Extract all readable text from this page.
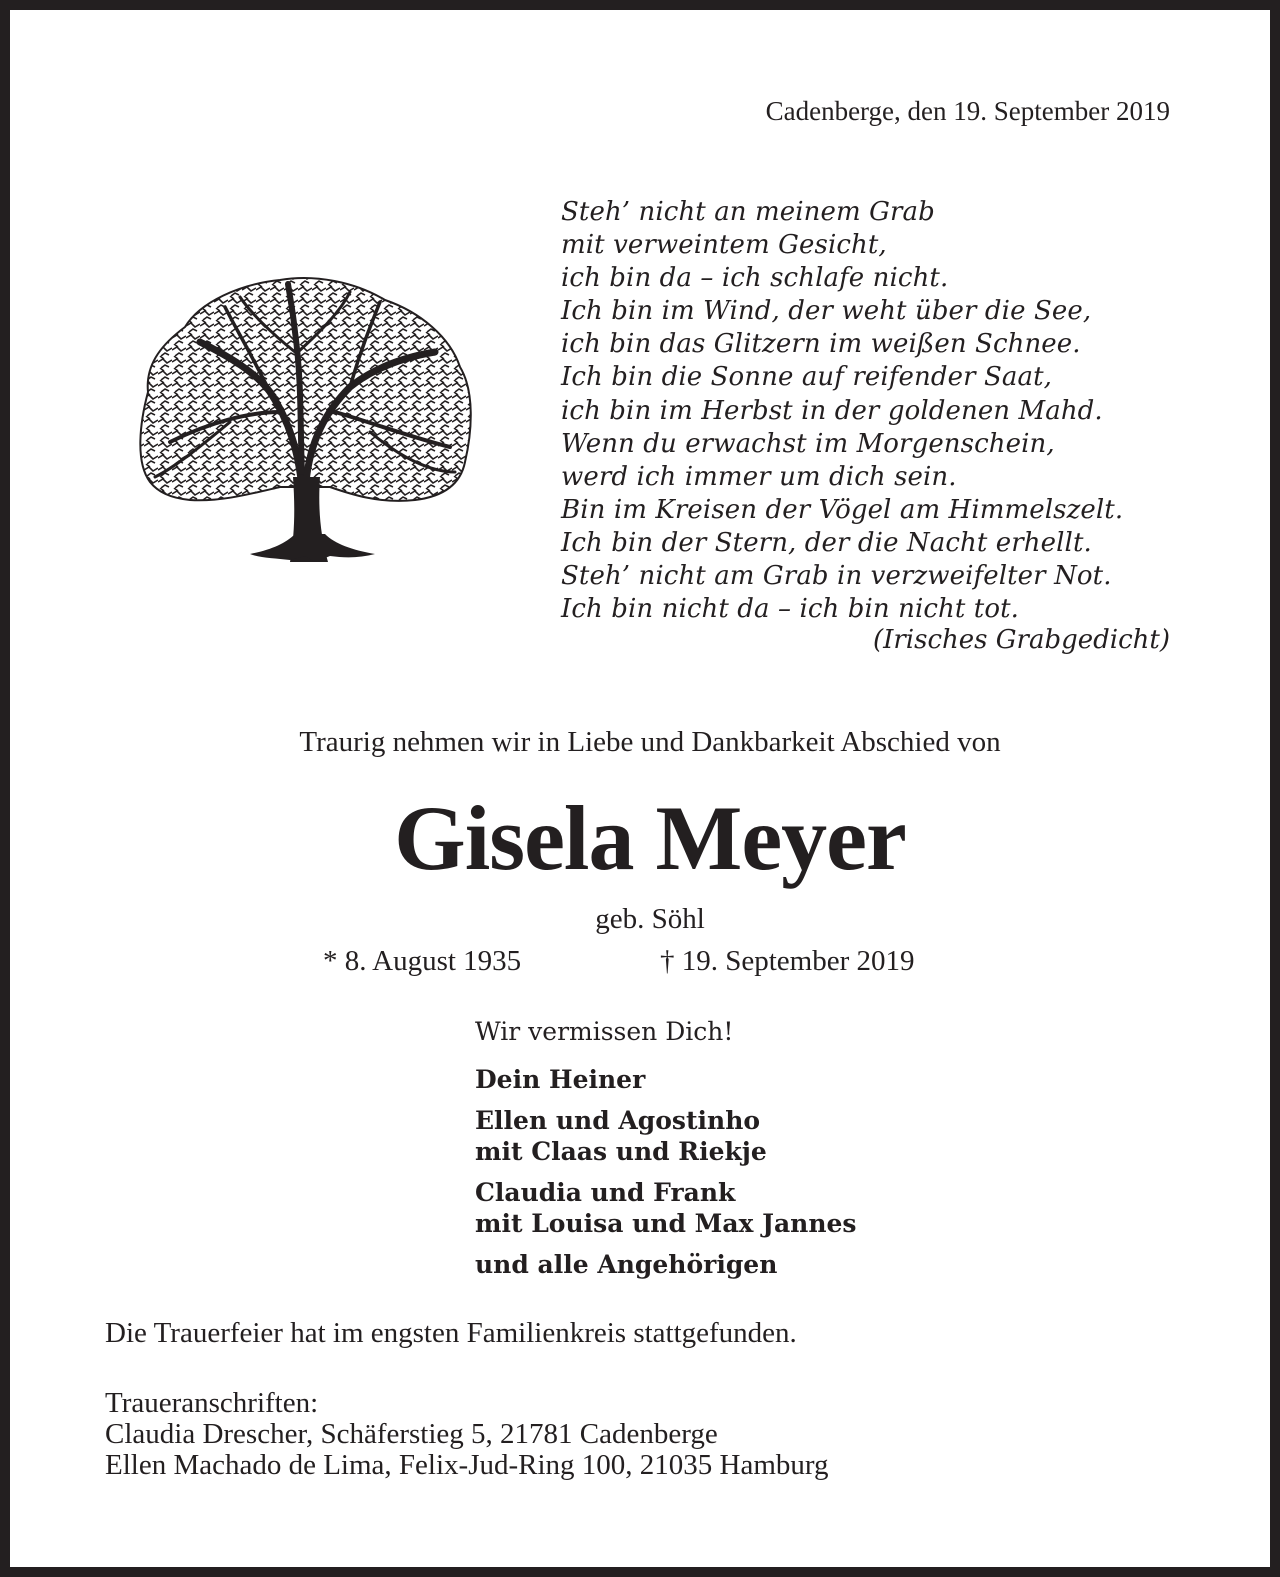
Cadenberge, den 19. September 2019
Steh’ nicht an meinem Grab
mit verweintem Gesicht,
ich bin da – ich schlafe nicht.
Ich bin im Wind, der weht über die See,
ich bin das Glitzern im weißen Schnee.
Ich bin die Sonne auf reifender Saat,
ich bin im Herbst in der goldenen Mahd.
Wenn du erwachst im Morgenschein,
werd ich immer um dich sein.
Bin im Kreisen der Vögel am Himmelszelt.
Ich bin der Stern, der die Nacht erhellt.
Steh’ nicht am Grab in verzweifelter Not.
Ich bin nicht da – ich bin nicht tot.
(Irisches Grabgedicht)
Traurig nehmen wir in Liebe und Dankbarkeit Abschied von
Gisela Meyer
geb. Söhl
* 8. August 1935	† 19. September 2019
Wir vermissen Dich!
Dein Heiner
Ellen und Agostinho
mit Claas und Riekje
Claudia und Frank
mit Louisa und Max Jannes
und alle Angehörigen
Die Trauerfeier hat im engsten Familienkreis stattgefunden.
Traueranschriften:
Claudia Drescher, Schäferstieg 5, 21781 Cadenberge
Ellen Machado de Lima, Felix-Jud-Ring 100, 21035 Hamburg
